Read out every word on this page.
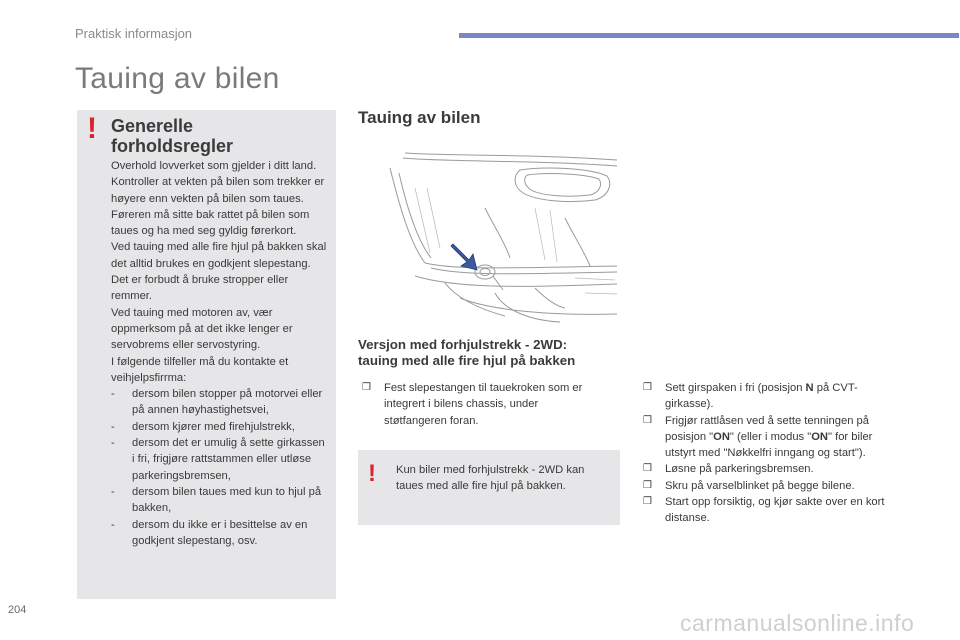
Praktisk informasjon
Tauing av bilen
! Generelle
forholdsregler

Overhold lovverket som gjelder i ditt land.

Kontroller at vekten på bilen som trekker er høyere enn vekten på bilen som taues.

Føreren må sitte bak rattet på bilen som taues og ha med seg gyldig førerkort.

Ved tauing med alle fire hjul på bakken skal det alltid brukes en godkjent slepestang. Det er forbudt å bruke stropper eller remmer.

Ved tauing med motoren av, vær oppmerksom på at det ikke lenger er servobrems eller servostyring.

I følgende tilfeller må du kontakte et veihjelpsfirrma:

- dersom bilen stopper på motorvei eller på annen høyhastighetsvei,
- dersom kjører med firehjulstrekk,
- dersom det er umulig å sette girkassen i fri, frigjøre rattstammen eller utløse parkeringsbremsen,
- dersom bilen taues med kun to hjul på bakken,
- dersom du ikke er i besittelse av en godkjent slepestang, osv.
Tauing av bilen
Versjon med forhjulstrekk - 2WD:
tauing med alle fire hjul på bakken
❒ Fest slepestangen til tauekroken som er integrert i bilens chassis, under støtfangeren foran.
! Kun biler med forhjulstrekk - 2WD kan taues med alle fire hjul på bakken.
❒ Sett girspaken i fri (posisjon N på CVT-girkasse).
❒ Frigjør rattlåsen ved å sette tenningen på posisjon "ON" (eller i modus "ON" for biler utstyrt med "Nøkkelfri inngang og start").
❒ Løsne på parkeringsbremsen.
❒ Skru på varselblinket på begge bilene.
❒ Start opp forsiktig, og kjør sakte over en kort distanse.
204	carmanualsonline.info
